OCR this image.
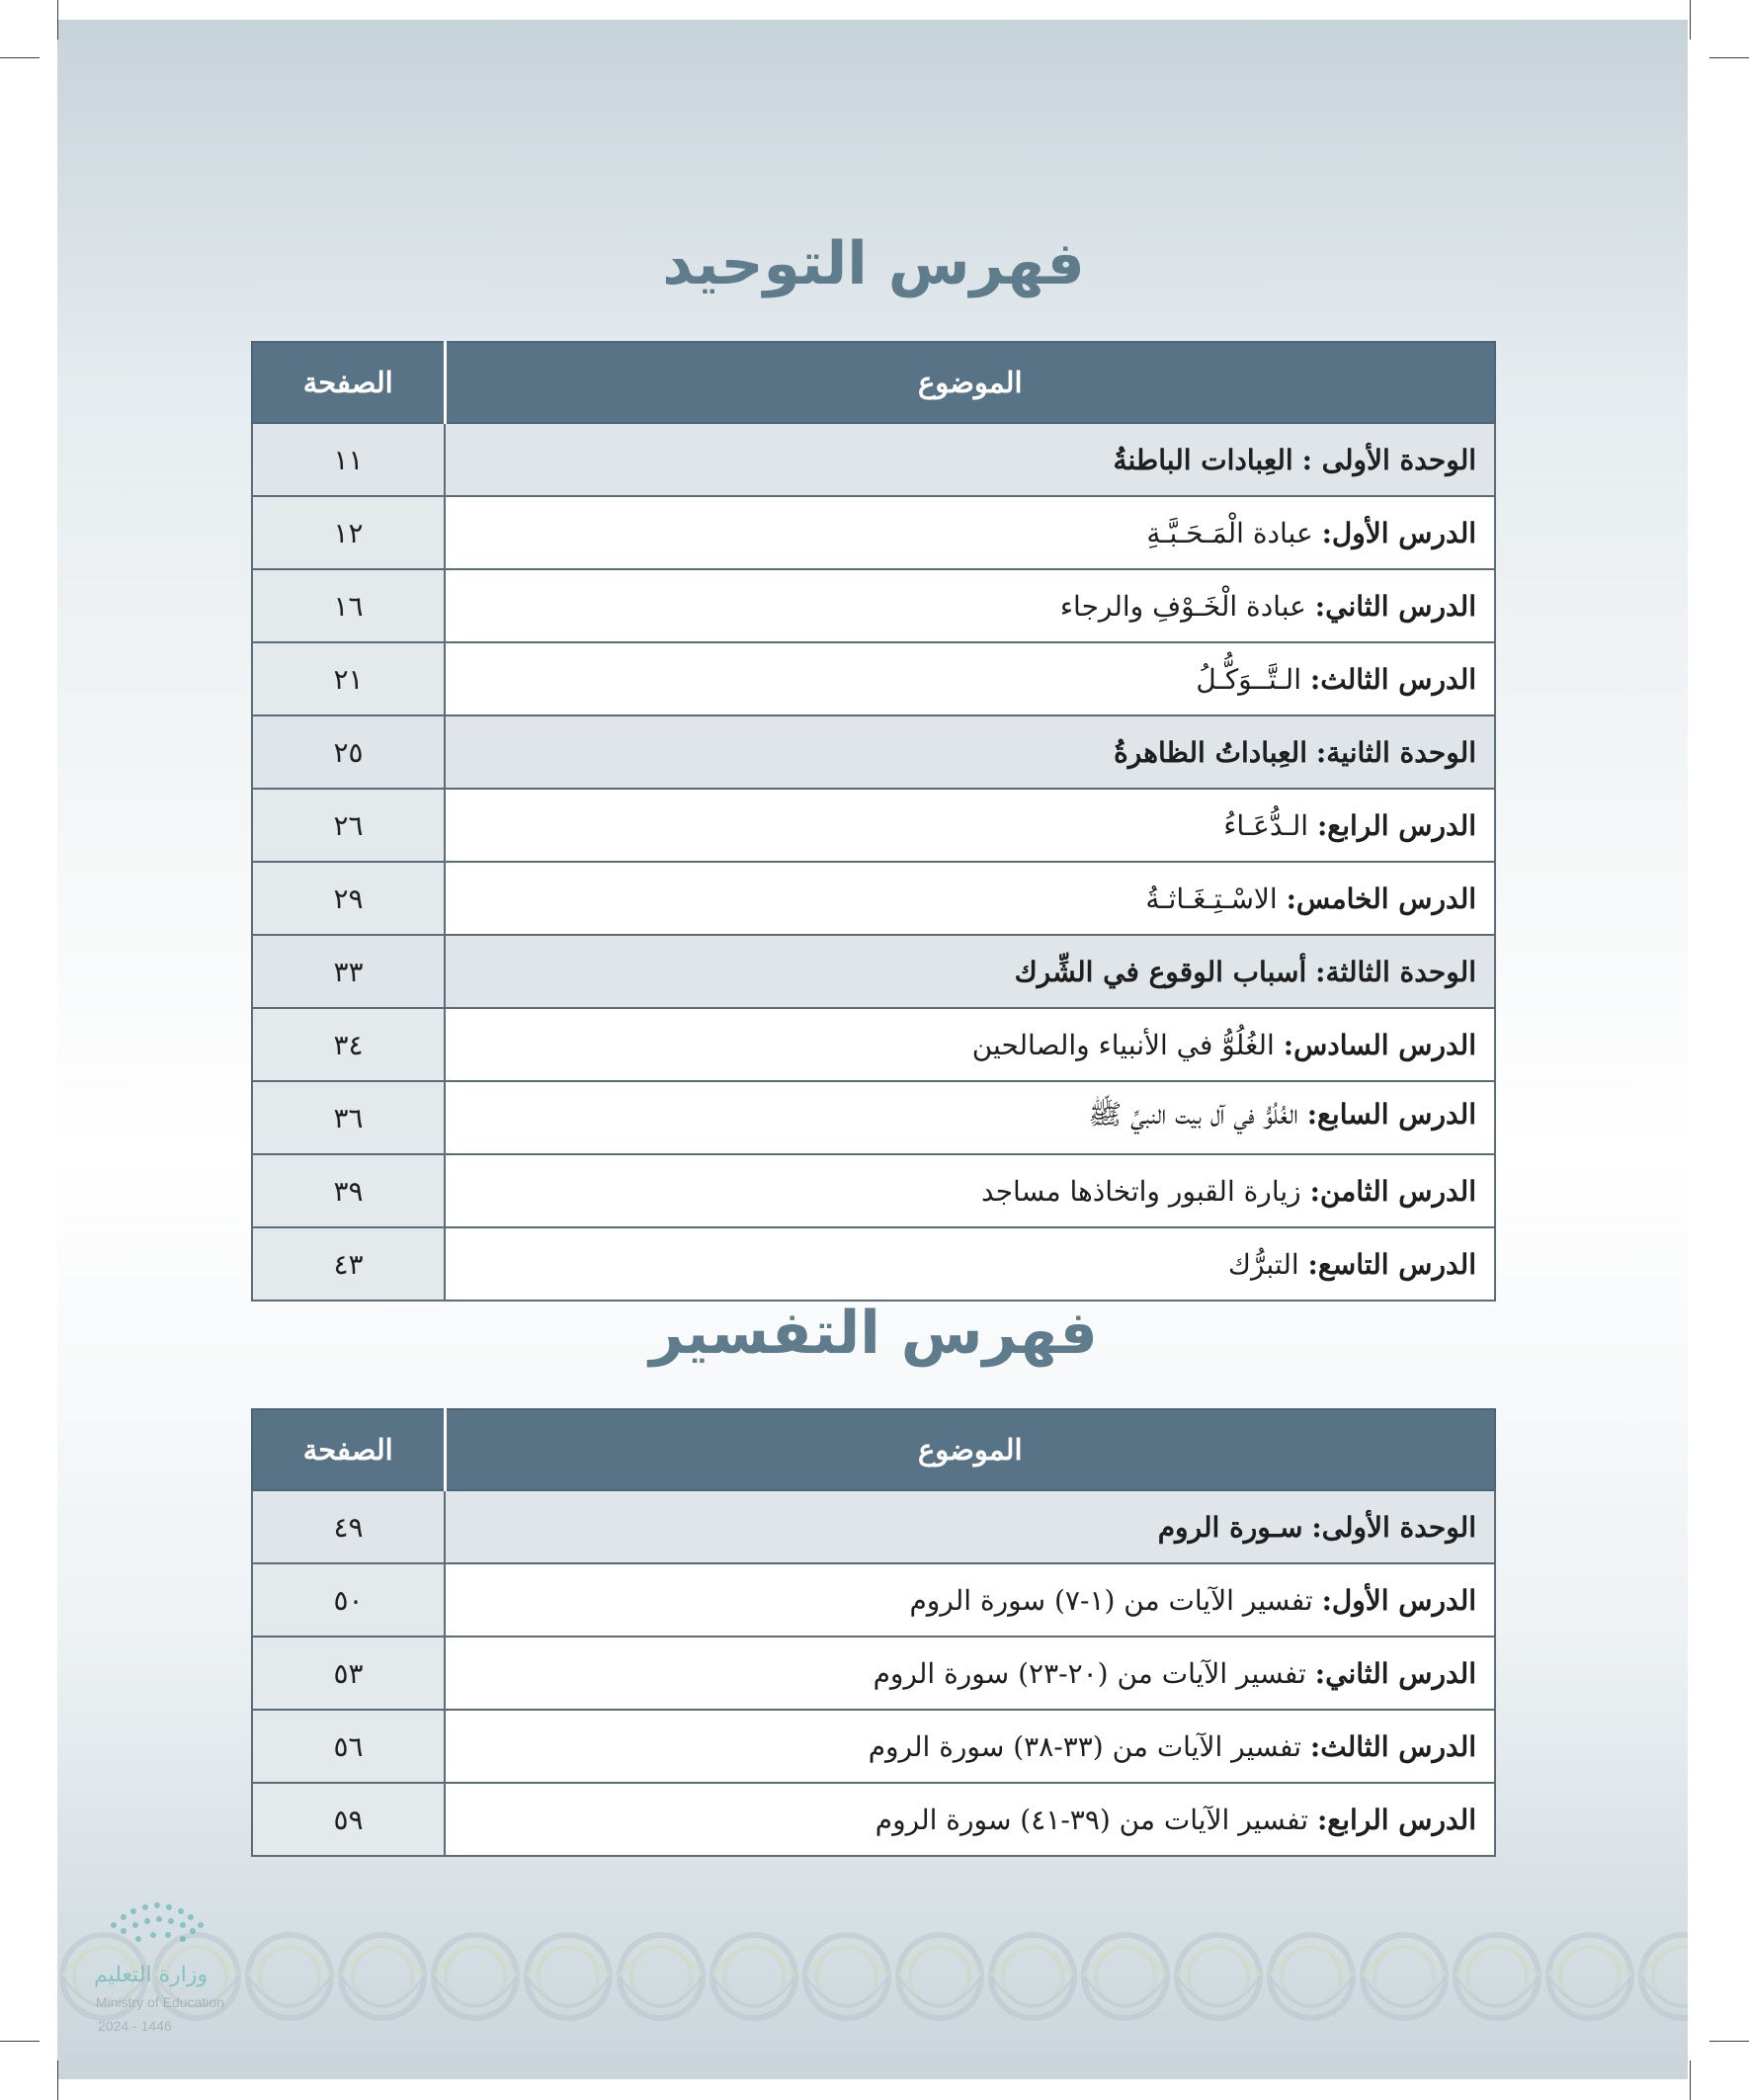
فهرس التوحيد
الموضوع	الصفحة
الوحدة الأولى : العِبادات الباطنةُ	١١
الدرس الأول: عبادة الْمَـحَـبَّـةِ	١٢
الدرس الثاني: عبادة الْخَـوْفِ والرجاء	١٦
الدرس الثالث: الـتَّــوَكُّـلُ	٢١
الوحدة الثانية: العِباداتُ الظاهرةُ	٢٥
الدرس الرابع: الـدُّعَـاءُ	٢٦
الدرس الخامس: الاسْـتِـغَـاثـةُ	٢٩
الوحدة الثالثة: أسباب الوقوع في الشِّرك	٣٣
الدرس السادس: الغُلُوُّ في الأنبياء والصالحين	٣٤
الدرس السابع: الغُلُوُّ في آل بيت النبيِّ ﷺ	٣٦
الدرس الثامن: زيارة القبور واتخاذها مساجد	٣٩
الدرس التاسع: التبرُّك	٤٣
فهرس التفسير
الموضوع	الصفحة
الوحدة الأولى: سـورة الروم	٤٩
الدرس الأول: تفسير الآيات من (١-٧) سورة الروم	٥٠
الدرس الثاني: تفسير الآيات من (٢٠-٢٣) سورة الروم	٥٣
الدرس الثالث: تفسير الآيات من (٣٣-٣٨) سورة الروم	٥٦
الدرس الرابع: تفسير الآيات من (٣٩-٤١) سورة الروم	٥٩
وزارة التعليم
Ministry of Education
2024 - 1446
